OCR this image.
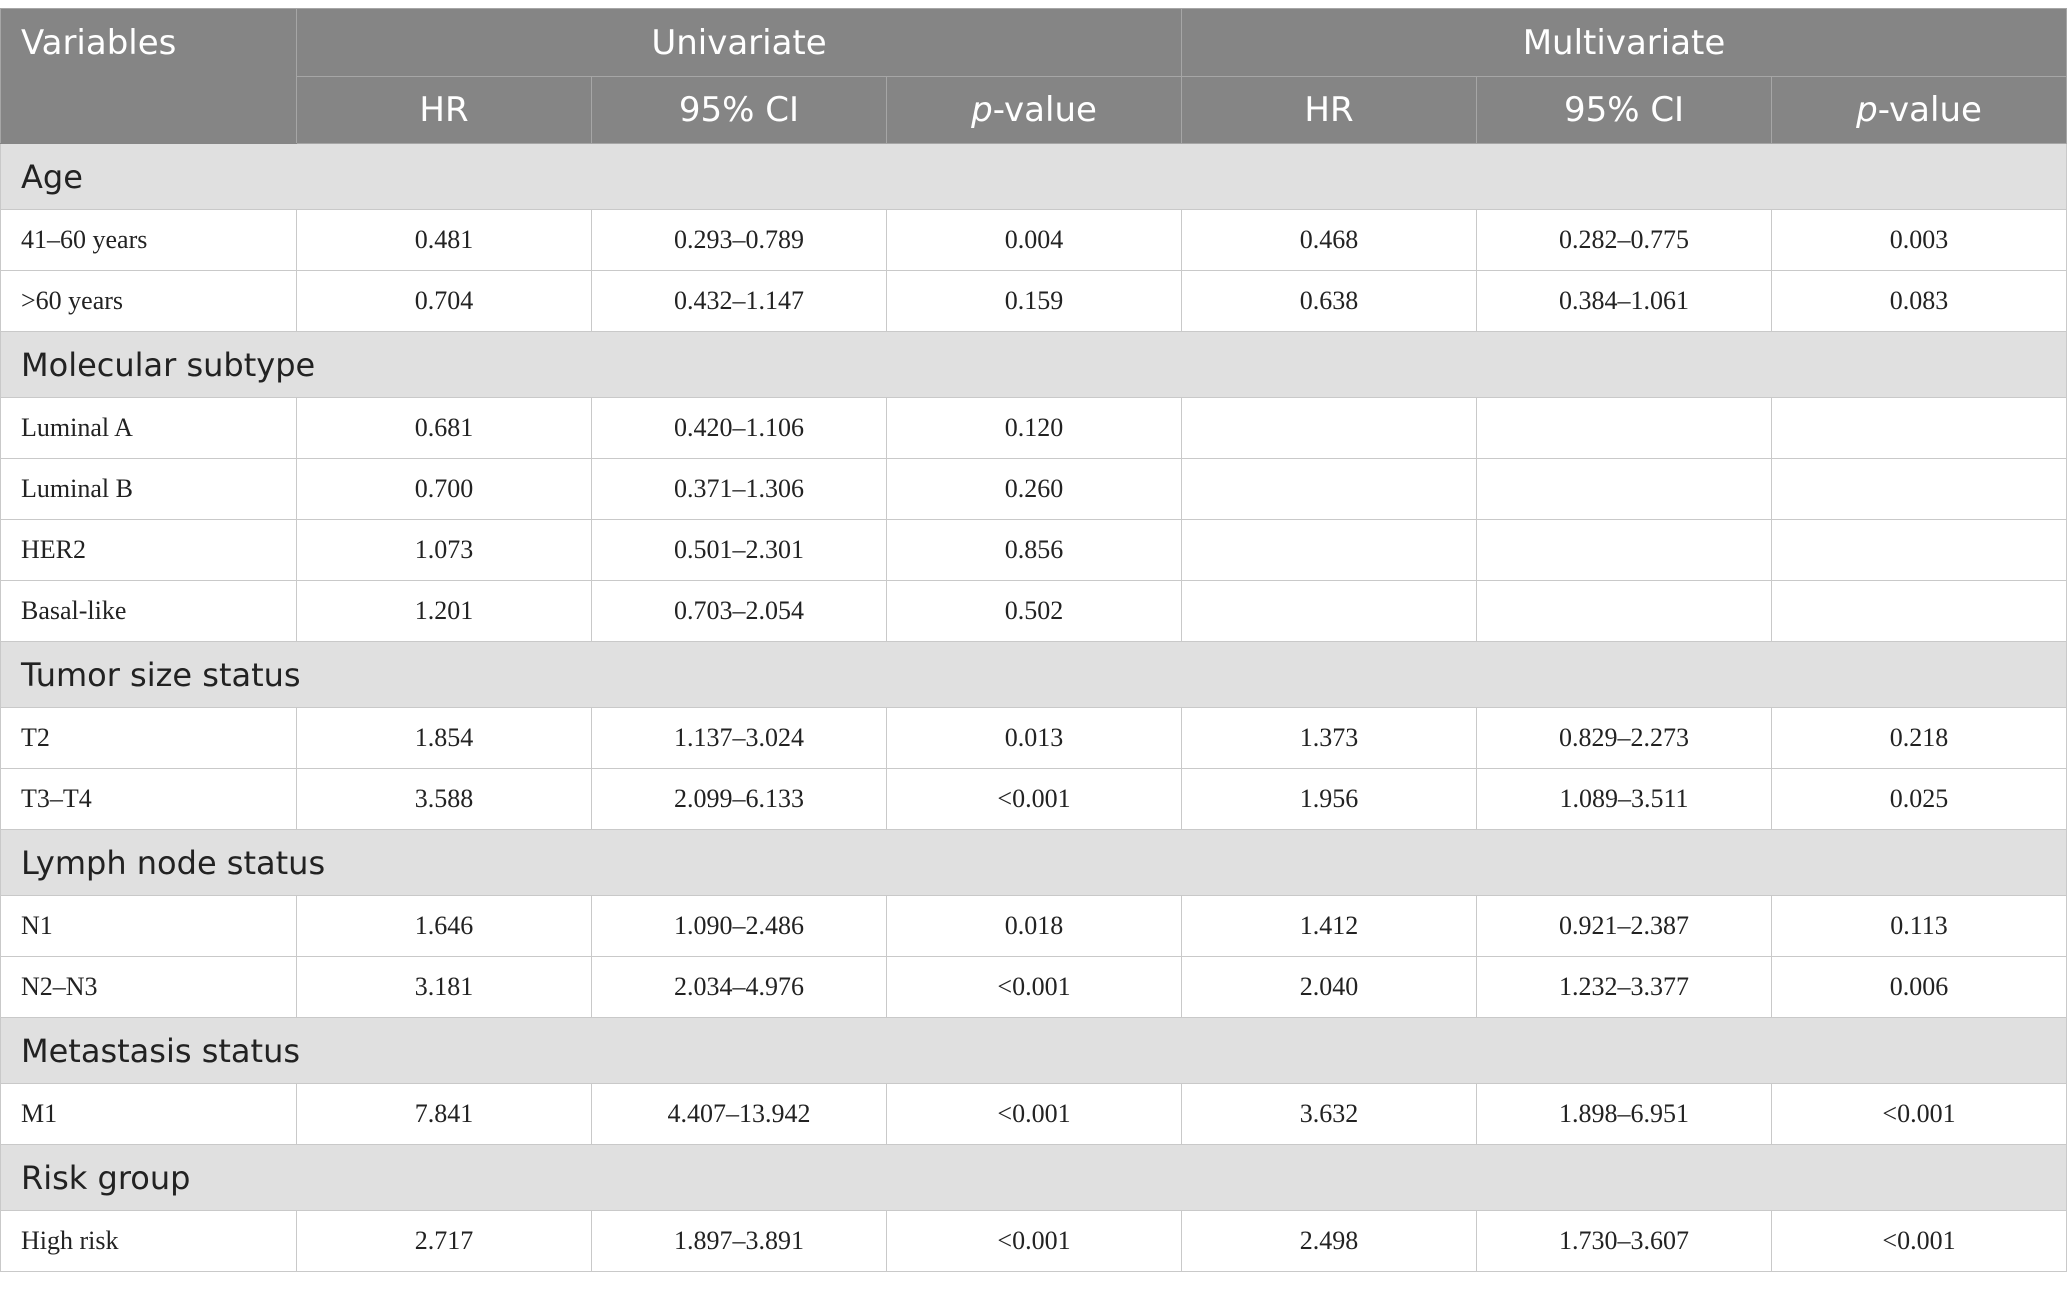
Variables	Univariate			Multivariate		
	HR	95% CI	p-value	HR	95% CI	p-value
Age						
41–60 years	0.481	0.293–0.789	0.004	0.468	0.282–0.775	0.003
>60 years	0.704	0.432–1.147	0.159	0.638	0.384–1.061	0.083
Molecular subtype						
Luminal A	0.681	0.420–1.106	0.120			
Luminal B	0.700	0.371–1.306	0.260			
HER2	1.073	0.501–2.301	0.856			
Basal-like	1.201	0.703–2.054	0.502			
Tumor size status						
T2	1.854	1.137–3.024	0.013	1.373	0.829–2.273	0.218
T3–T4	3.588	2.099–6.133	<0.001	1.956	1.089–3.511	0.025
Lymph node status						
N1	1.646	1.090–2.486	0.018	1.412	0.921–2.387	0.113
N2–N3	3.181	2.034–4.976	<0.001	2.040	1.232–3.377	0.006
Metastasis status						
M1	7.841	4.407–13.942	<0.001	3.632	1.898–6.951	<0.001
Risk group						
High risk	2.717	1.897–3.891	<0.001	2.498	1.730–3.607	<0.001
